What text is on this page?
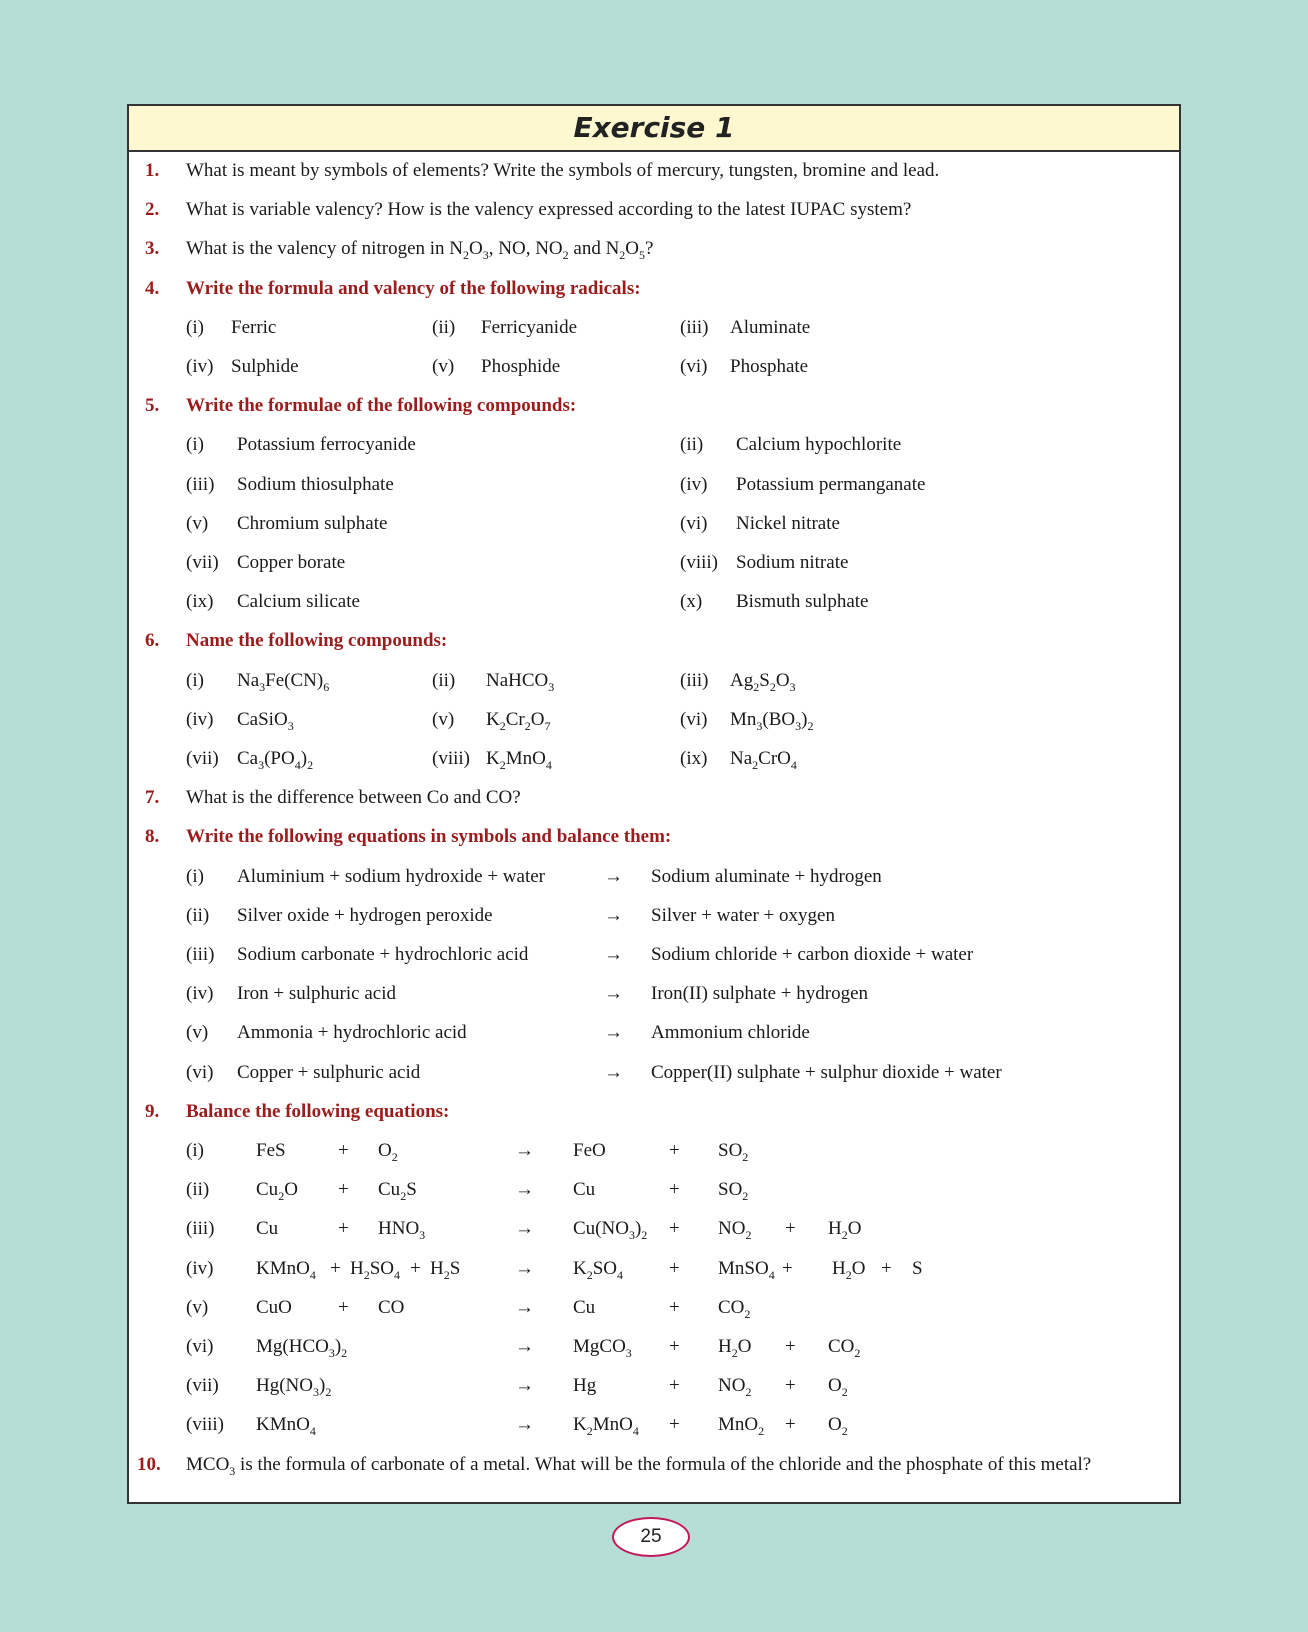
Exercise 1
1. What is meant by symbols of elements? Write the symbols of mercury, tungsten, bromine and lead.
2. What is variable valency? How is the valency expressed according to the latest IUPAC system?
3. What is the valency of nitrogen in $N_2O_3$, NO, $NO_2$ and $N_2O_5$?
4. Write the formula and valency of the following radicals:
(i) Ferric	(ii) Ferricyanide	(iii) Aluminate
(iv) Sulphide	(v) Phosphide	(vi) Phosphate
5. Write the formulae of the following compounds:
(i) Potassium ferrocyanide	(ii) Calcium hypochlorite
(iii) Sodium thiosulphate	(iv) Potassium permanganate
(v) Chromium sulphate	(vi) Nickel nitrate
(vii) Copper borate	(viii) Sodium nitrate
(ix) Calcium silicate	(x) Bismuth sulphate
6. Name the following compounds:
(i) $Na_3Fe(CN)_6$	(ii) NaHCO$_3$	(iii) $Ag_2S_2O_3$
(iv) CaSiO$_3$	(v) $K_2Cr_2O_7$	(vi) $Mn_3(BO_3)_2$
(vii) $Ca_3(PO_4)_2$	(viii) $K_2MnO_4$	(ix) $Na_2CrO_4$
7. What is the difference between Co and CO?
8. Write the following equations in symbols and balance them:
(i) Aluminium + sodium hydroxide + water	→ Sodium aluminate + hydrogen
(ii) Silver oxide + hydrogen peroxide	→ Silver + water + oxygen
(iii) Sodium carbonate + hydrochloric acid	→ Sodium chloride + carbon dioxide + water
(iv) Iron + sulphuric acid	→ Iron(II) sulphate + hydrogen
(v) Ammonia + hydrochloric acid	→ Ammonium chloride
(vi) Copper + sulphuric acid	→ Copper(II) sulphate + sulphur dioxide + water
9. Balance the following equations:
(i)	FeS	+ $O_2$	→ FeO	+ $SO_2$
(ii) $Cu_2O + Cu_2S$	→ Cu	+ $SO_2$
(iii) Cu	+ $HNO_3$	→ $Cu(NO_3)_2 + NO_2 + H_2O$
(iv) KMnO$_4$ + $H_2SO_4 + H_2S$	→ $K_2SO_4$ + MnSO$_4$ + $H_2O + S$
(v)	CuO + CO	→ Cu	+ $CO_2$
(vi) $Mg(HCO_3)_2$	→ MgCO$_3$ + $H_2O + CO_2$
(vii) $Hg(NO_3)_2$	→ Hg	+ $NO_2 + O_2$
(viii) KMnO$_4$	→ $K_2MnO_4 + MnO_2 + O_2$
10. $MCO_3$ is the formula of carbonate of a metal. What will be the formula of the chloride and the phosphate of this metal?
25
